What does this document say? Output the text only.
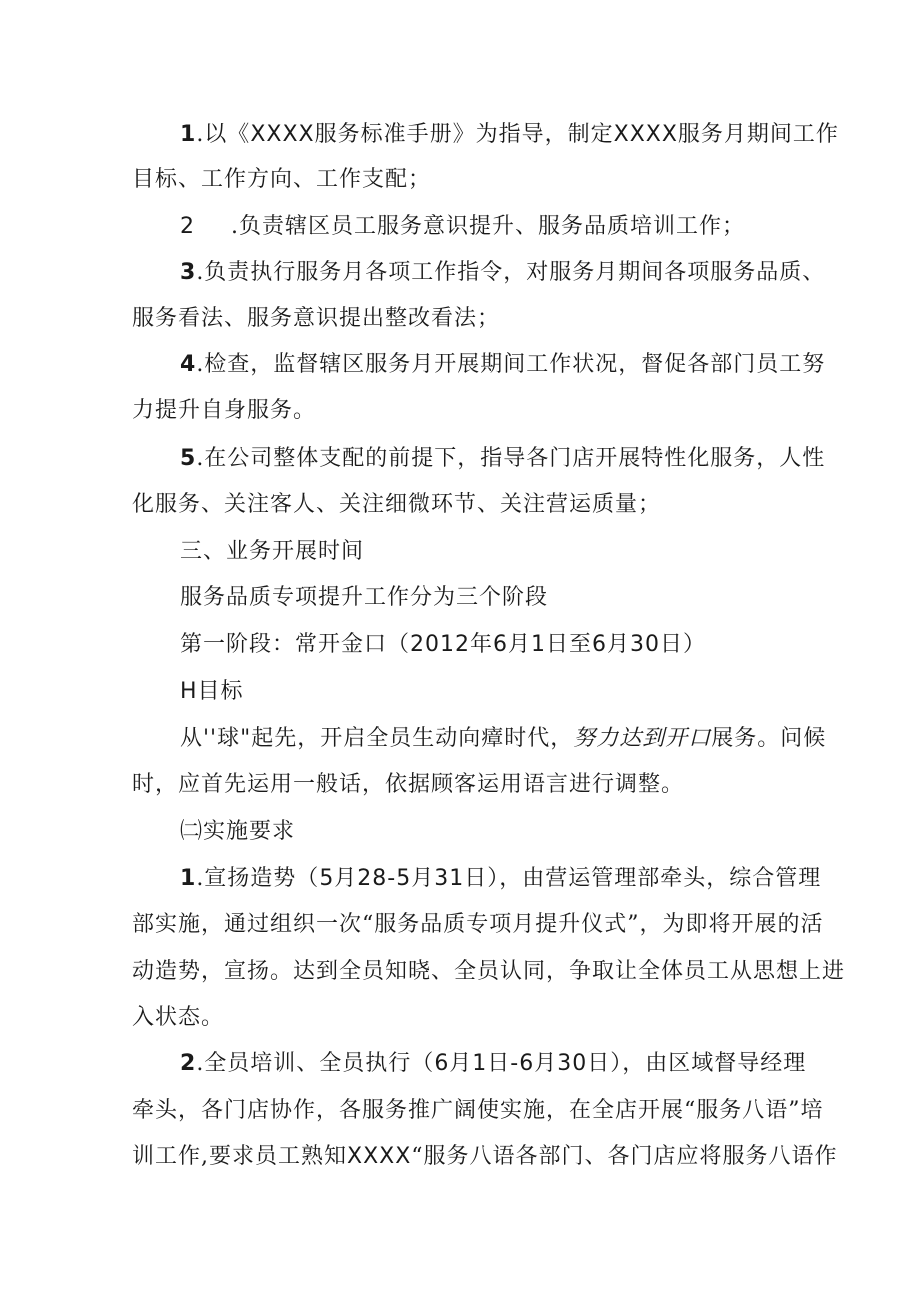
1.以《XXXX服务标准手册》为指导，制定XXXX服务月期间工作
目标、工作方向、工作支配；
2 .负责辖区员工服务意识提升、服务品质培训工作；
3.负责执行服务月各项工作指令，对服务月期间各项服务品质、
服务看法、服务意识提出整改看法；
4.检查，监督辖区服务月开展期间工作状况，督促各部门员工努
力提升自身服务。
5.在公司整体支配的前提下，指导各门店开展特性化服务，人性
化服务、关注客人、关注细微环节、关注营运质量；
三、业务开展时间
服务品质专项提升工作分为三个阶段
第一阶段：常开金口（2012年6月1日至6月30日）
H目标
从''球"起先，开启全员生动向瘴时代，努力达到开口展务。问候
时，应首先运用一般话，依据顾客运用语言进行调整。
㈡实施要求
1.宣扬造势（5月28-5月31日），由营运管理部牵头，综合管理
部实施，通过组织一次“服务品质专项月提升仪式”，为即将开展的活
动造势，宣扬。达到全员知晓、全员认同，争取让全体员工从思想上进
入状态。
2.全员培训、全员执行（6月1日-6月30日），由区域督导经理
牵头，各门店协作，各服务推广阔使实施，在全店开展“服务八语”培
训工作,要求员工熟知XXXX“服务八语各部门、各门店应将服务八语作
